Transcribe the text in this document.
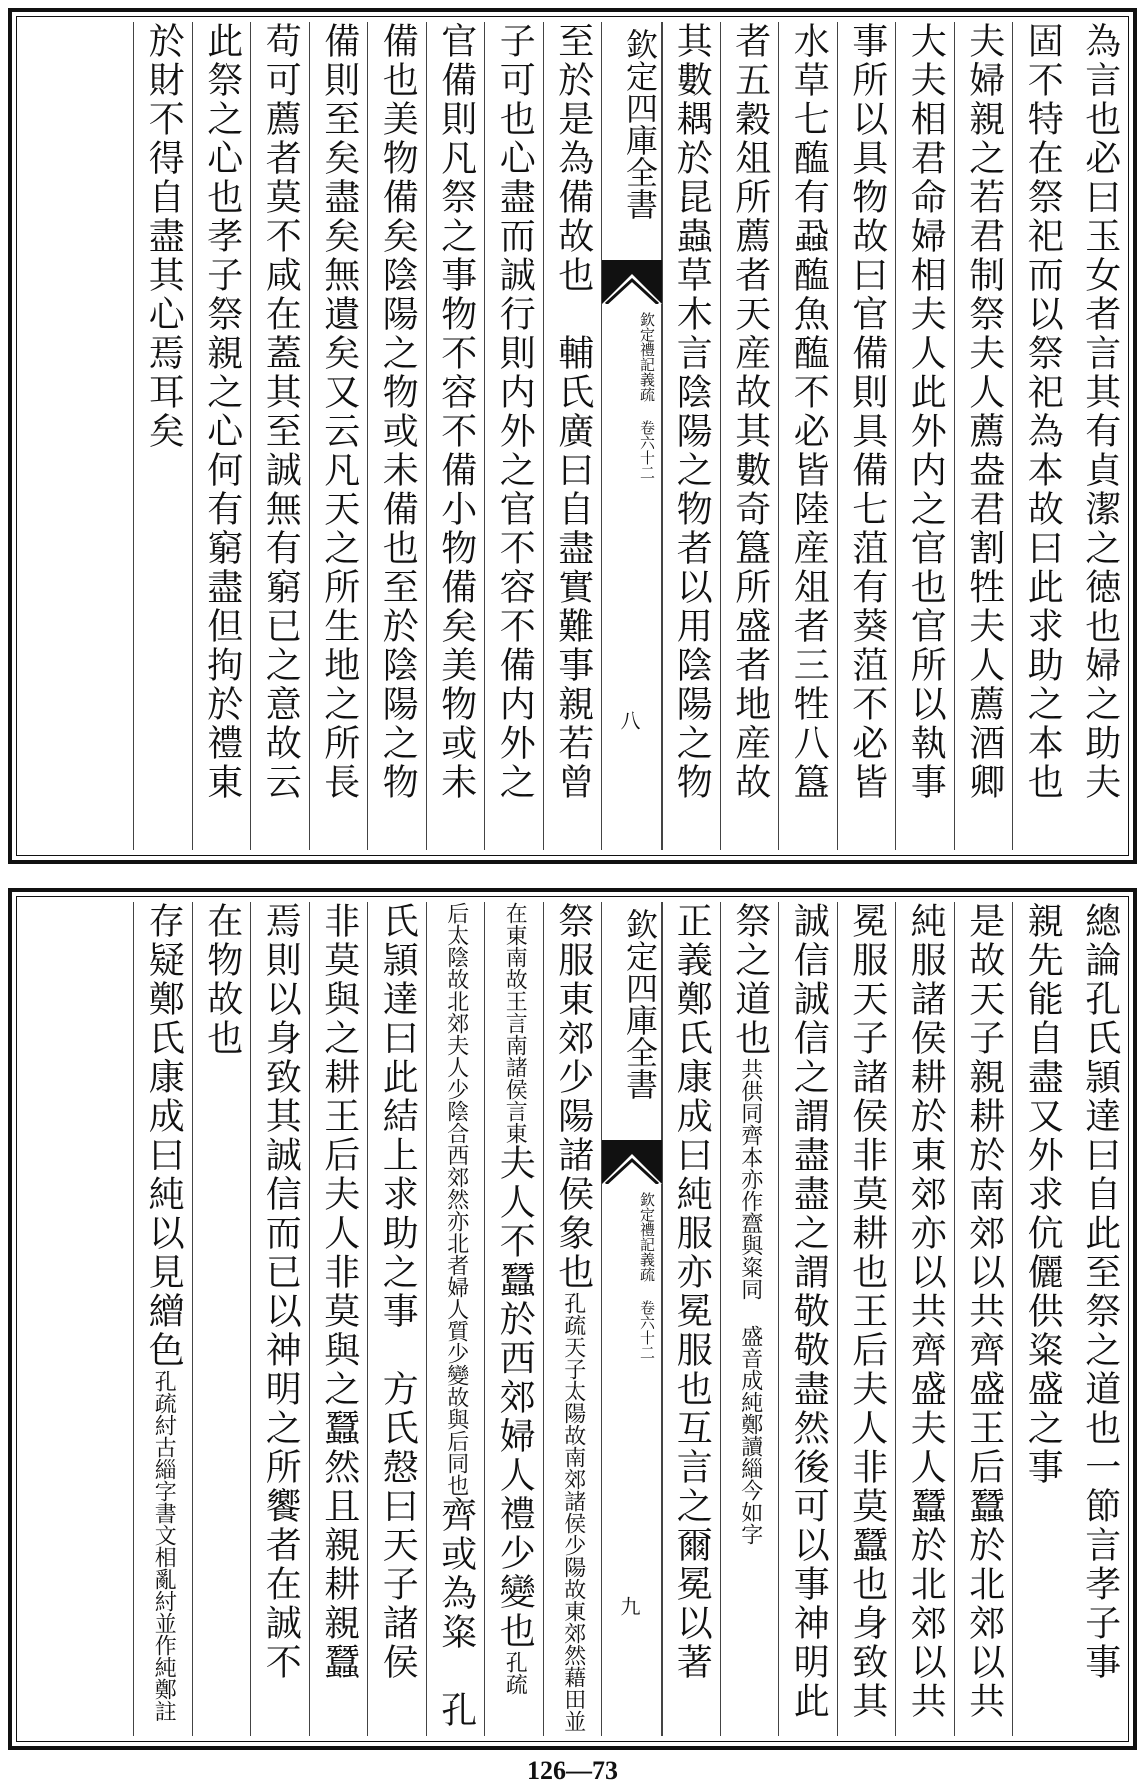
為言也必曰玉女者言其有貞潔之徳也婦之助夫
固不特在祭祀而以祭祀為本故曰此求助之本也
夫婦親之若君制祭夫人薦盎君割牲夫人薦酒卿
大夫相君命婦相夫人此外内之官也官所以執事
事所以具物故曰官備則具備七菹有葵菹不必皆
水草七醢有蝨醢魚醢不必皆陸産俎者三牲八簋
者五穀俎所薦者天産故其數奇簋所盛者地産故
其數耦於昆蟲草木言陰陽之物者以用陰陽之物
至於是為備故也　輔氏廣曰自盡實難事親若曾
子可也心盡而誠行則内外之官不容不備内外之
官備則凡祭之事物不容不備小物備矣美物或未
備也美物備矣陰陽之物或未備也至於陰陽之物
備則至矣盡矣無遺矣又云凡天之所生地之所長
苟可薦者莫不咸在蓋其至誠無有窮已之意故云
此祭之心也孝子祭親之心何有窮盡但拘於禮東
於財不得自盡其心焉耳矣	欽定四庫全書
欽定禮記義疏 卷六十二
八
總論孔氏頴達曰自此至祭之道也一節言孝子事
親先能自盡又外求伉儷供粢盛之事
是故天子親耕於南郊以共齊盛王后蠶於北郊以共
純服諸侯耕於東郊亦以共齊盛夫人蠶於北郊以共
冕服天子諸侯非莫耕也王后夫人非莫蠶也身致其
誠信誠信之謂盡盡之謂敬敬盡然後可以事神明此
祭之道也
共供同齊本亦作齍與粢同 盛音成純鄭讀緇今如字
正義鄭氏康成曰純服亦冕服也互言之爾冕以著
祭服東郊少陽諸侯象也
孔疏天子太陽故南郊諸侯少陽故東郊然藉田並
在東南故王言南諸侯言東
夫人不蠶於西郊婦人禮少變也
孔疏
后太陰故北郊夫人少陰合西郊然亦北者婦人質少變故與后同也
齊或為粢　孔
氏頴達曰此結上求助之事　方氏慤曰天子諸侯
非莫與之耕王后夫人非莫與之蠶然且親耕親蠶
焉則以身致其誠信而已以神明之所饗者在誠不
在物故也
存疑鄭氏康成曰純以見繒色
孔疏紂古緇字書文相亂紂並作純鄭註
欽定四庫全書
欽定禮記義疏 卷六十二
九
126—73
